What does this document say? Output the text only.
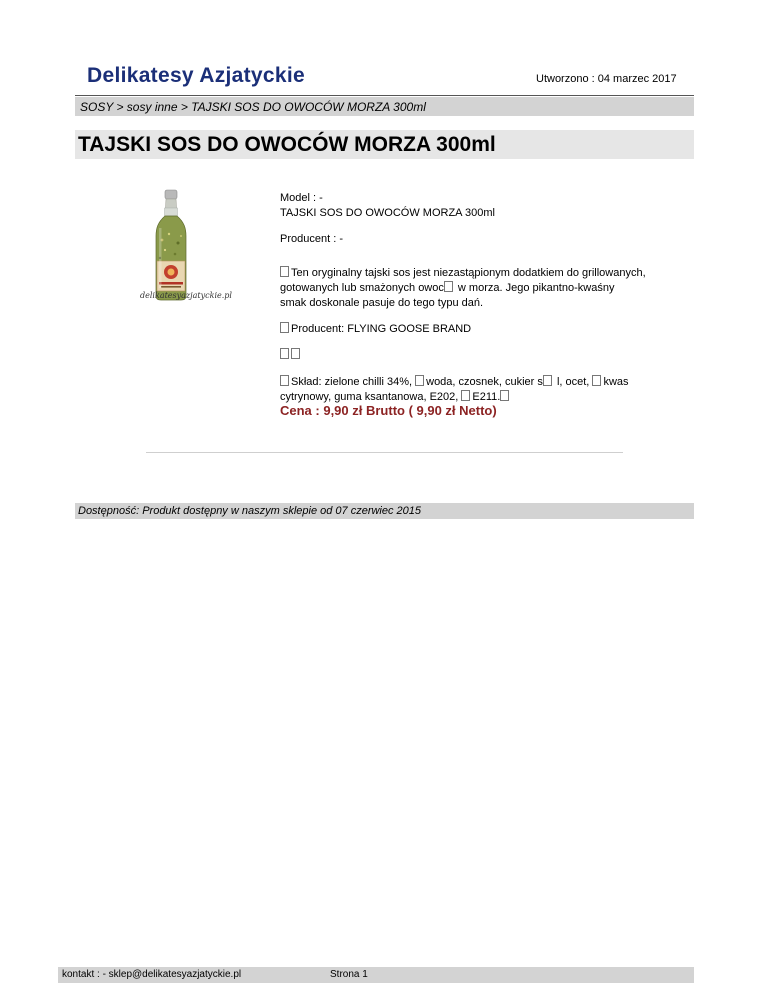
Delikatesy Azjatyckie	Utworzono : 04 marzec 2017
SOSY > sosy inne > TAJSKI SOS DO OWOCÓW MORZA 300ml
TAJSKI SOS DO OWOCÓW MORZA 300ml
delikatesyazjatyckie.pl
Model : -
TAJSKI SOS DO OWOCÓW MORZA 300ml
Producent : -
Ten oryginalny tajski sos jest niezastąpionym dodatkiem do grillowanych,
gotowanych lub smażonych owoc w morza. Jego pikantno-kwaśny
smak doskonale pasuje do tego typu dań.
Producent: FLYING GOOSE BRAND
Skład: zielone chilli 34%, woda, czosnek, cukier s l, ocet, kwas
cytrynowy, guma ksantanowa, E202, E211.
Cena : 9,90 zł Brutto ( 9,90 zł Netto)
Dostępność: Produkt dostępny w naszym sklepie od 07 czerwiec 2015
kontakt : - sklep@delikatesyazjatyckie.pl	Strona 1
